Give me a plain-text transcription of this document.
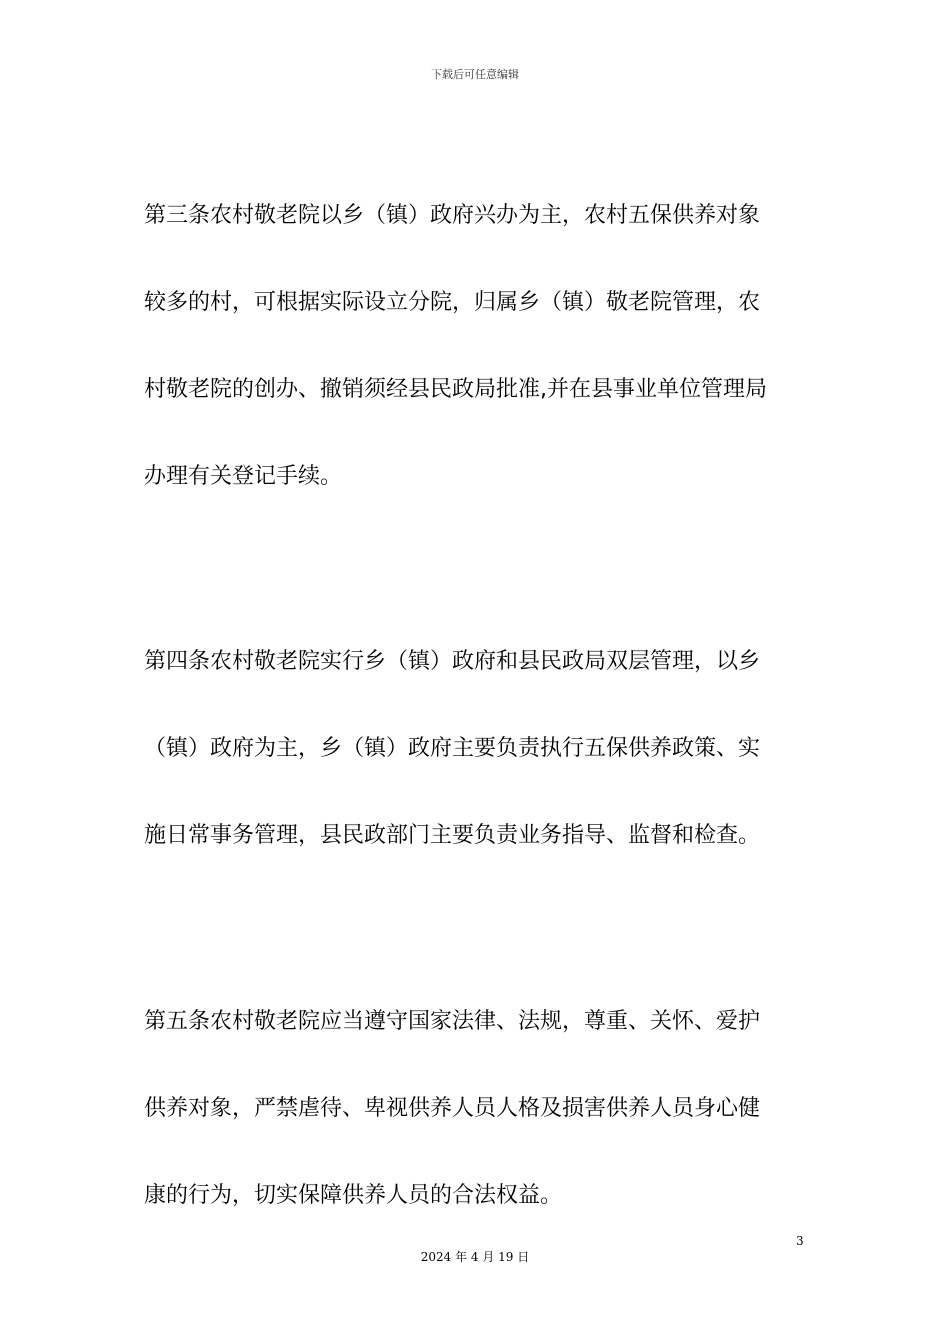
下载后可任意编辑
第三条农村敬老院以乡（镇）政府兴办为主，农村五保供养对象
较多的村，可根据实际设立分院，归属乡（镇）敬老院管理，农
村敬老院的创办、撤销须经县民政局批准,并在县事业单位管理局
办理有关登记手续。
第四条农村敬老院实行乡（镇）政府和县民政局双层管理，以乡
（镇）政府为主，乡（镇）政府主要负责执行五保供养政策、实
施日常事务管理，县民政部门主要负责业务指导、监督和检查。
第五条农村敬老院应当遵守国家法律、法规，尊重、关怀、爱护
供养对象，严禁虐待、卑视供养人员人格及损害供养人员身心健
康的行为，切实保障供养人员的合法权益。
3
2024 年 4 月 19 日
